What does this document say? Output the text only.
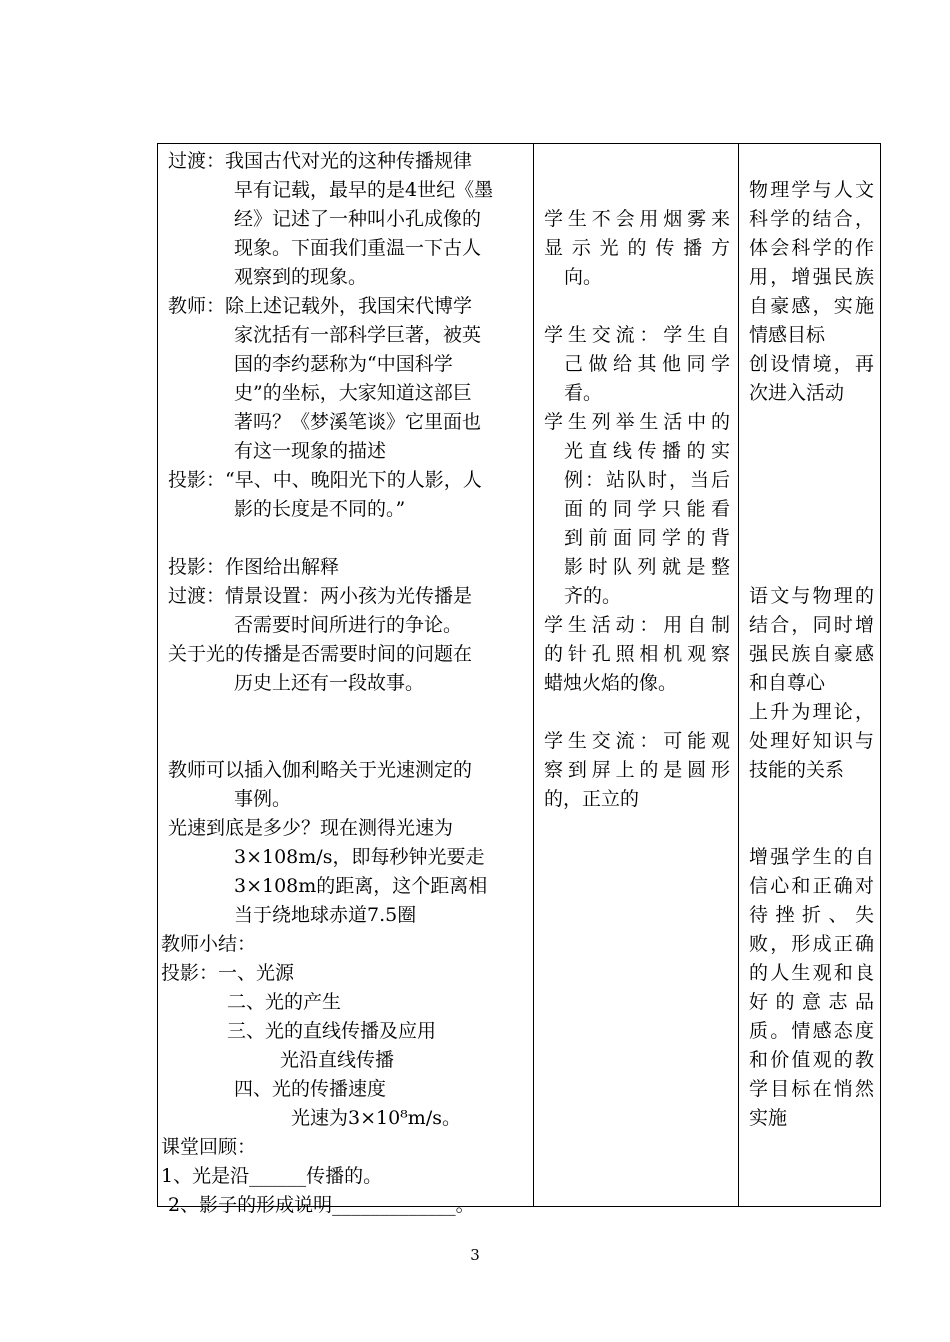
过渡：我国古代对光的这种传播规律
早有记载，最早的是4世纪《墨
经》记述了一种叫小孔成像的
现象。下面我们重温一下古人
观察到的现象。
教师：除上述记载外，我国宋代博学
家沈括有一部科学巨著，被英
国的李约瑟称为“中国科学
史”的坐标，大家知道这部巨
著吗？《梦溪笔谈》它里面也
有这一现象的描述
投影：“早、中、晚阳光下的人影，人
影的长度是不同的。”
投影：作图给出解释
过渡：情景设置：两小孩为光传播是
否需要时间所进行的争论。
关于光的传播是否需要时间的问题在
历史上还有一段故事。
教师可以插入伽利略关于光速测定的
事例。
光速到底是多少？现在测得光速为
3×108m/s，即每秒钟光要走
3×108m的距离，这个距离相
当于绕地球赤道7.5圈
教师小结：
投影：一、光源
二、光的产生
三、光的直线传播及应用
光沿直线传播
四、光的传播速度
光速为3×10⁸m/s。
课堂回顾：
1、光是沿______传播的。
2、影子的形成说明_____________。
学生不会用烟雾来
显示光的传播方
向。
学生交流：学生自
己做给其他同学
看。
学生列举生活中的
光直线传播的实
例：站队时，当后
面的同学只能看
到前面同学的背
影时队列就是整
齐的。
学生活动：用自制
的针孔照相机观察
蜡烛火焰的像。
学生交流：可能观
察到屏上的是圆形
的，正立的
物理学与人文
科学的结合，
体会科学的作
用，增强民族
自豪感，实施
情感目标
创设情境，再
次进入活动
语文与物理的
结合，同时增
强民族自豪感
和自尊心
上升为理论，
处理好知识与
技能的关系
增强学生的自
信心和正确对
待挫折、失
败，形成正确
的人生观和良
好的意志品
质。情感态度
和价值观的教
学目标在悄然
实施
3
